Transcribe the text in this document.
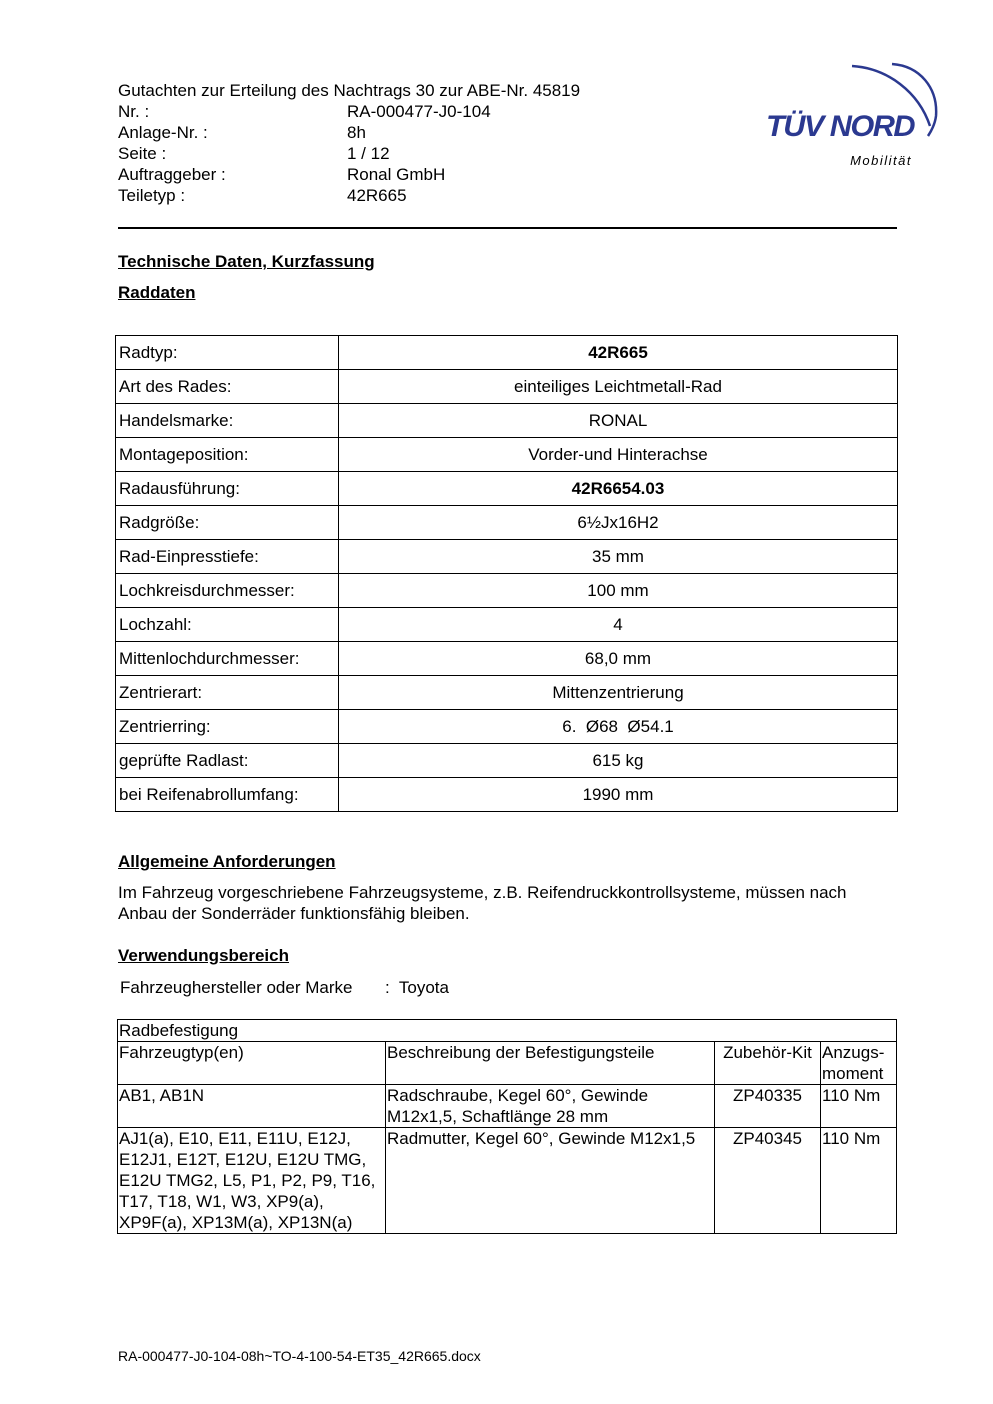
Gutachten zur Erteilung des Nachtrags 30 zur ABE-Nr. 45819
Nr. :	RA-000477-J0-104
Anlage-Nr. :	8h
Seite :	1 / 12
Auftraggeber :	Ronal GmbH
Teiletyp :	42R665
TÜV NORD
Mobilität
Technische Daten, Kurzfassung
Raddaten
Radtyp:	42R665
Art des Rades:	einteiliges Leichtmetall-Rad
Handelsmarke:	RONAL
Montageposition:	Vorder-und Hinterachse
Radausführung:	42R6654.03
Radgröße:	6½Jx16H2
Rad-Einpresstiefe:	35 mm
Lochkreisdurchmesser:	100 mm
Lochzahl:	4
Mittenlochdurchmesser:	68,0 mm
Zentrierart:	Mittenzentrierung
Zentrierring:	6.  Ø68  Ø54.1
geprüfte Radlast:	615 kg
bei Reifenabrollumfang:	1990 mm
Allgemeine Anforderungen
Im Fahrzeug vorgeschriebene Fahrzeugsysteme, z.B. Reifendruckkontrollsysteme, müssen nach Anbau der Sonderräder funktionsfähig bleiben.
Verwendungsbereich
Fahrzeughersteller oder Marke	:  Toyota
Radbefestigung			
Fahrzeugtyp(en)	Beschreibung der Befestigungsteile	Zubehör-Kit	Anzugs-moment
AB1, AB1N	Radschraube, Kegel 60°, Gewinde M12x1,5, Schaftlänge 28 mm	ZP40335	110 Nm
AJ1(a), E10, E11, E11U, E12J, E12J1, E12T, E12U, E12U TMG, E12U TMG2, L5, P1, P2, P9, T16, T17, T18, W1, W3, XP9(a), XP9F(a), XP13M(a), XP13N(a)	Radmutter, Kegel 60°, Gewinde M12x1,5	ZP40345	110 Nm
RA-000477-J0-104-08h~TO-4-100-54-ET35_42R665.docx
